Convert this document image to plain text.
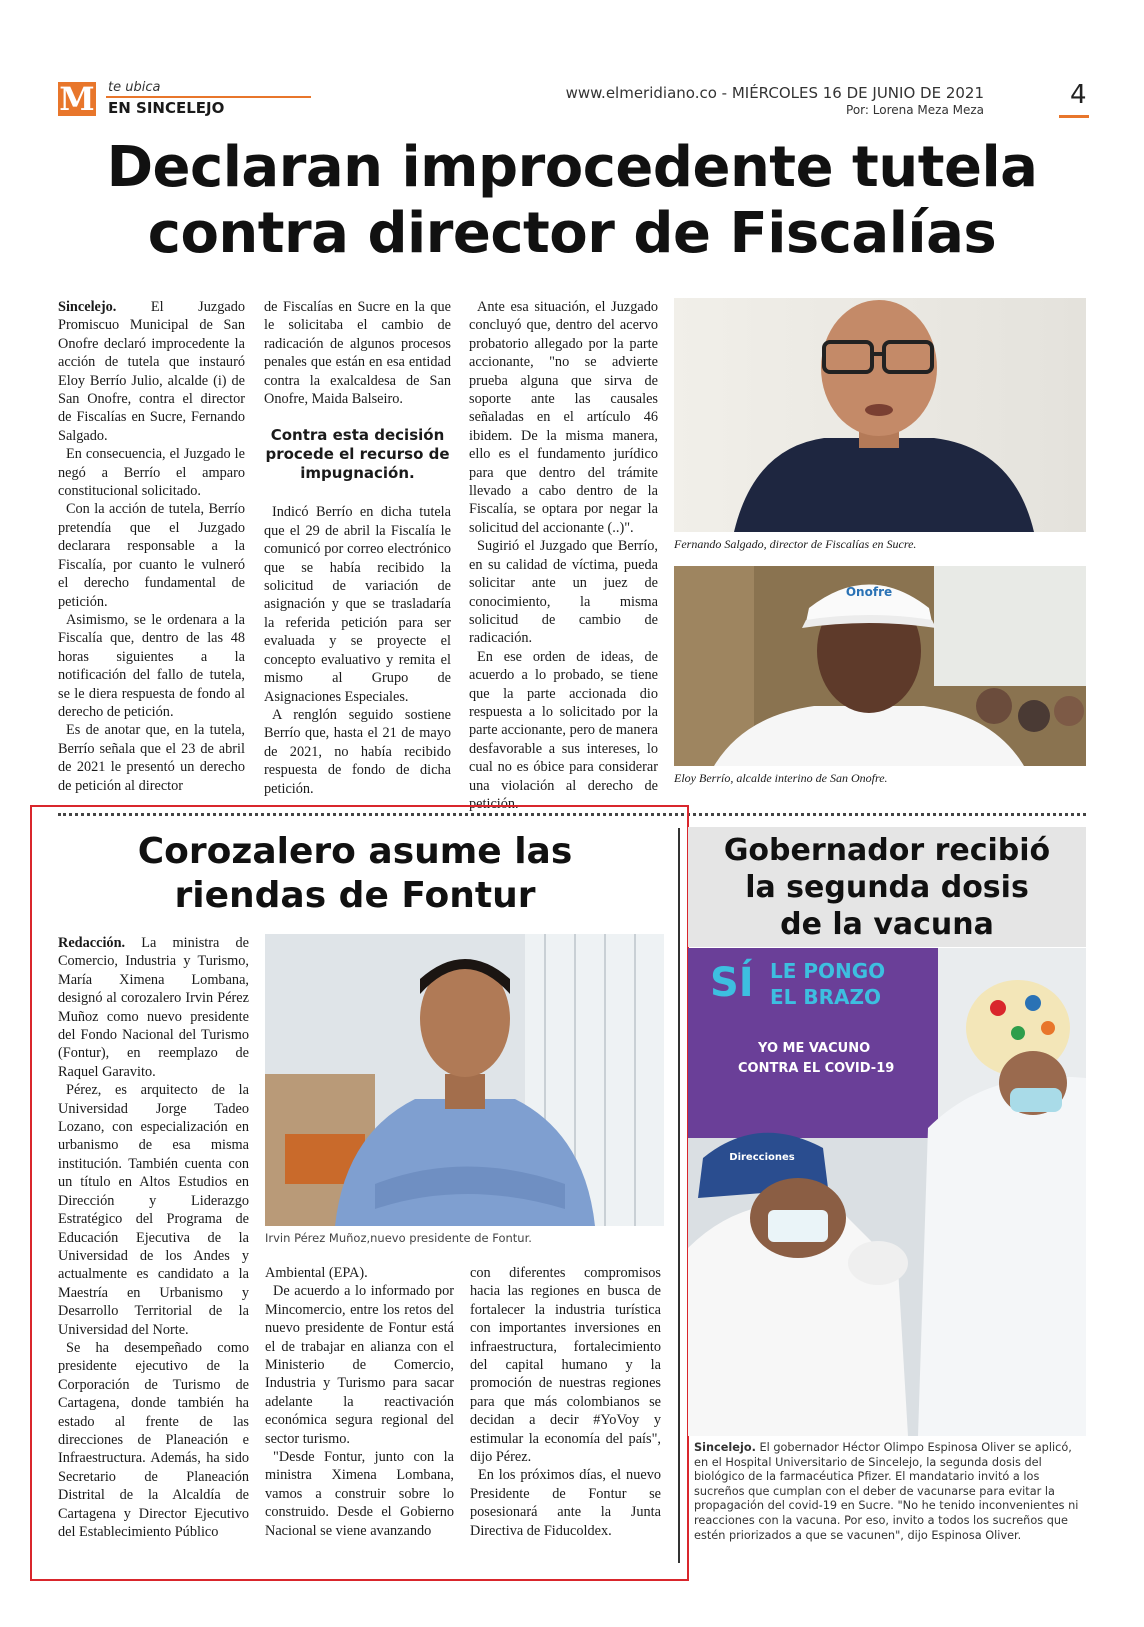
M te ubica
EN SINCELEJO
www.elmeridiano.co - MIÉRCOLES 16 DE JUNIO DE 2021
Por: Lorena Meza Meza	4
Declaran improcedente tutela
contra director de Fiscalías

Sincelejo. El Juzgado Promiscuo Municipal de San Onofre declaró improcedente la acción de tutela que instauró Eloy Berrío Julio, alcalde (i) de San Onofre, contra el director de Fiscalías en Sucre, Fernando Salgado.

En consecuencia, el Juzgado le negó a Berrío el amparo constitucional solicitado.

Con la acción de tutela, Berrío pretendía que el Juzgado declarara responsable a la Fiscalía, por cuanto le vulneró el derecho fundamental de petición.

Asimismo, se le ordenara a la Fiscalía que, dentro de las 48 horas siguientes a la notificación del fallo de tutela, se le diera respuesta de fondo al derecho de petición.

Es de anotar que, en la tutela, Berrío señala que el 23 de abril de 2021 le presentó un derecho de petición al director

de Fiscalías en Sucre en la que le solicitaba el cambio de radicación de algunos procesos penales que están en esa entidad contra la exalcaldesa de San Onofre, Maida Balseiro.

Contra esta decisión procede el recurso de impugnación.

Indicó Berrío en dicha tutela que el 29 de abril la Fiscalía le comunicó por correo electrónico que se había recibido la solicitud de variación de asignación y que se trasladaría la referida petición para ser evaluada y se proyecte el concepto evaluativo y remita el mismo al Grupo de Asignaciones Especiales.

A renglón seguido sostiene Berrío que, hasta el 21 de mayo de 2021, no había recibido respuesta de fondo de dicha petición.

Ante esa situación, el Juzgado concluyó que, dentro del acervo probatorio allegado por la parte accionante, "no se advierte prueba alguna que sirva de soporte ante las causales señaladas en el artículo 46 ibidem. De la misma manera, ello es el fundamento jurídico para que dentro del trámite llevado a cabo dentro de la Fiscalía, se optara por negar la solicitud del accionante (..)".

Sugirió el Juzgado que Berrío, en su calidad de víctima, pueda solicitar ante un juez de conocimiento, la misma solicitud de cambio de radicación.

En ese orden de ideas, de acuerdo a lo probado, se tiene que la parte accionada dio respuesta a lo solicitado por la parte accionante, pero de manera desfavorable a sus intereses, lo cual no es óbice para considerar una violación al derecho de petición.

Fernando Salgado, director de Fiscalías en Sucre.
Onofre
Eloy Berrío, alcalde interino de San Onofre.
Corozalero asume las
riendas de Fontur

Redacción. La ministra de Comercio, Industria y Turismo, María Ximena Lombana, designó al corozalero Irvin Pérez Muñoz como nuevo presidente del Fondo Nacional del Turismo (Fontur), en reemplazo de Raquel Garavito.

Pérez, es arquitecto de la Universidad Jorge Tadeo Lozano, con especialización en urbanismo de esa misma institución. También cuenta con un título en Altos Estudios en Dirección y Liderazgo Estratégico del Programa de Educación Ejecutiva de la Universidad de los Andes y actualmente es candidato a la Maestría en Urbanismo y Desarrollo Territorial de la Universidad del Norte.

Se ha desempeñado como presidente ejecutivo de la Corporación de Turismo de Cartagena, donde también ha estado al frente de las direcciones de Planeación e Infraestructura. Además, ha sido Secretario de Planeación Distrital de la Alcaldía de Cartagena y Director Ejecutivo del Establecimiento Público

Irvin Pérez Muñoz,nuevo presidente de Fontur.

Ambiental (EPA).

De acuerdo a lo informado por Mincomercio, entre los retos del nuevo presidente de Fontur está el de trabajar en alianza con el Ministerio de Comercio, Industria y Turismo para sacar adelante la reactivación económica segura regional del sector turismo.

"Desde Fontur, junto con la ministra Ximena Lombana, vamos a construir sobre lo construido. Desde el Gobierno Nacional se viene avanzando

con diferentes compromisos hacia las regiones en busca de fortalecer la industria turística con importantes inversiones en infraestructura, fortalecimiento del capital humano y la promoción de nuestras regiones para que más colombianos se decidan a decir #YoVoy y estimular la economía del país", dijo Pérez.

En los próximos días, el nuevo Presidente de Fontur se posesionará ante la Junta Directiva de Fiducoldex.

Gobernador recibió
la segunda dosis
de la vacuna
SÍ LE PONGO
EL BRAZO
YO ME VACUNO
CONTRA EL COVID-19
Direcciones
Sincelejo. El gobernador Héctor Olimpo Espinosa Oliver se aplicó, en el Hospital Universitario de Sincelejo, la segunda dosis del biológico de la farmacéutica Pfizer. El mandatario invitó a los sucreños que cumplan con el deber de vacunarse para evitar la propagación del covid-19 en Sucre. "No he tenido inconvenientes ni reacciones con la vacuna. Por eso, invito a todos los sucreños que estén priorizados a que se vacunen", dijo Espinosa Oliver.
